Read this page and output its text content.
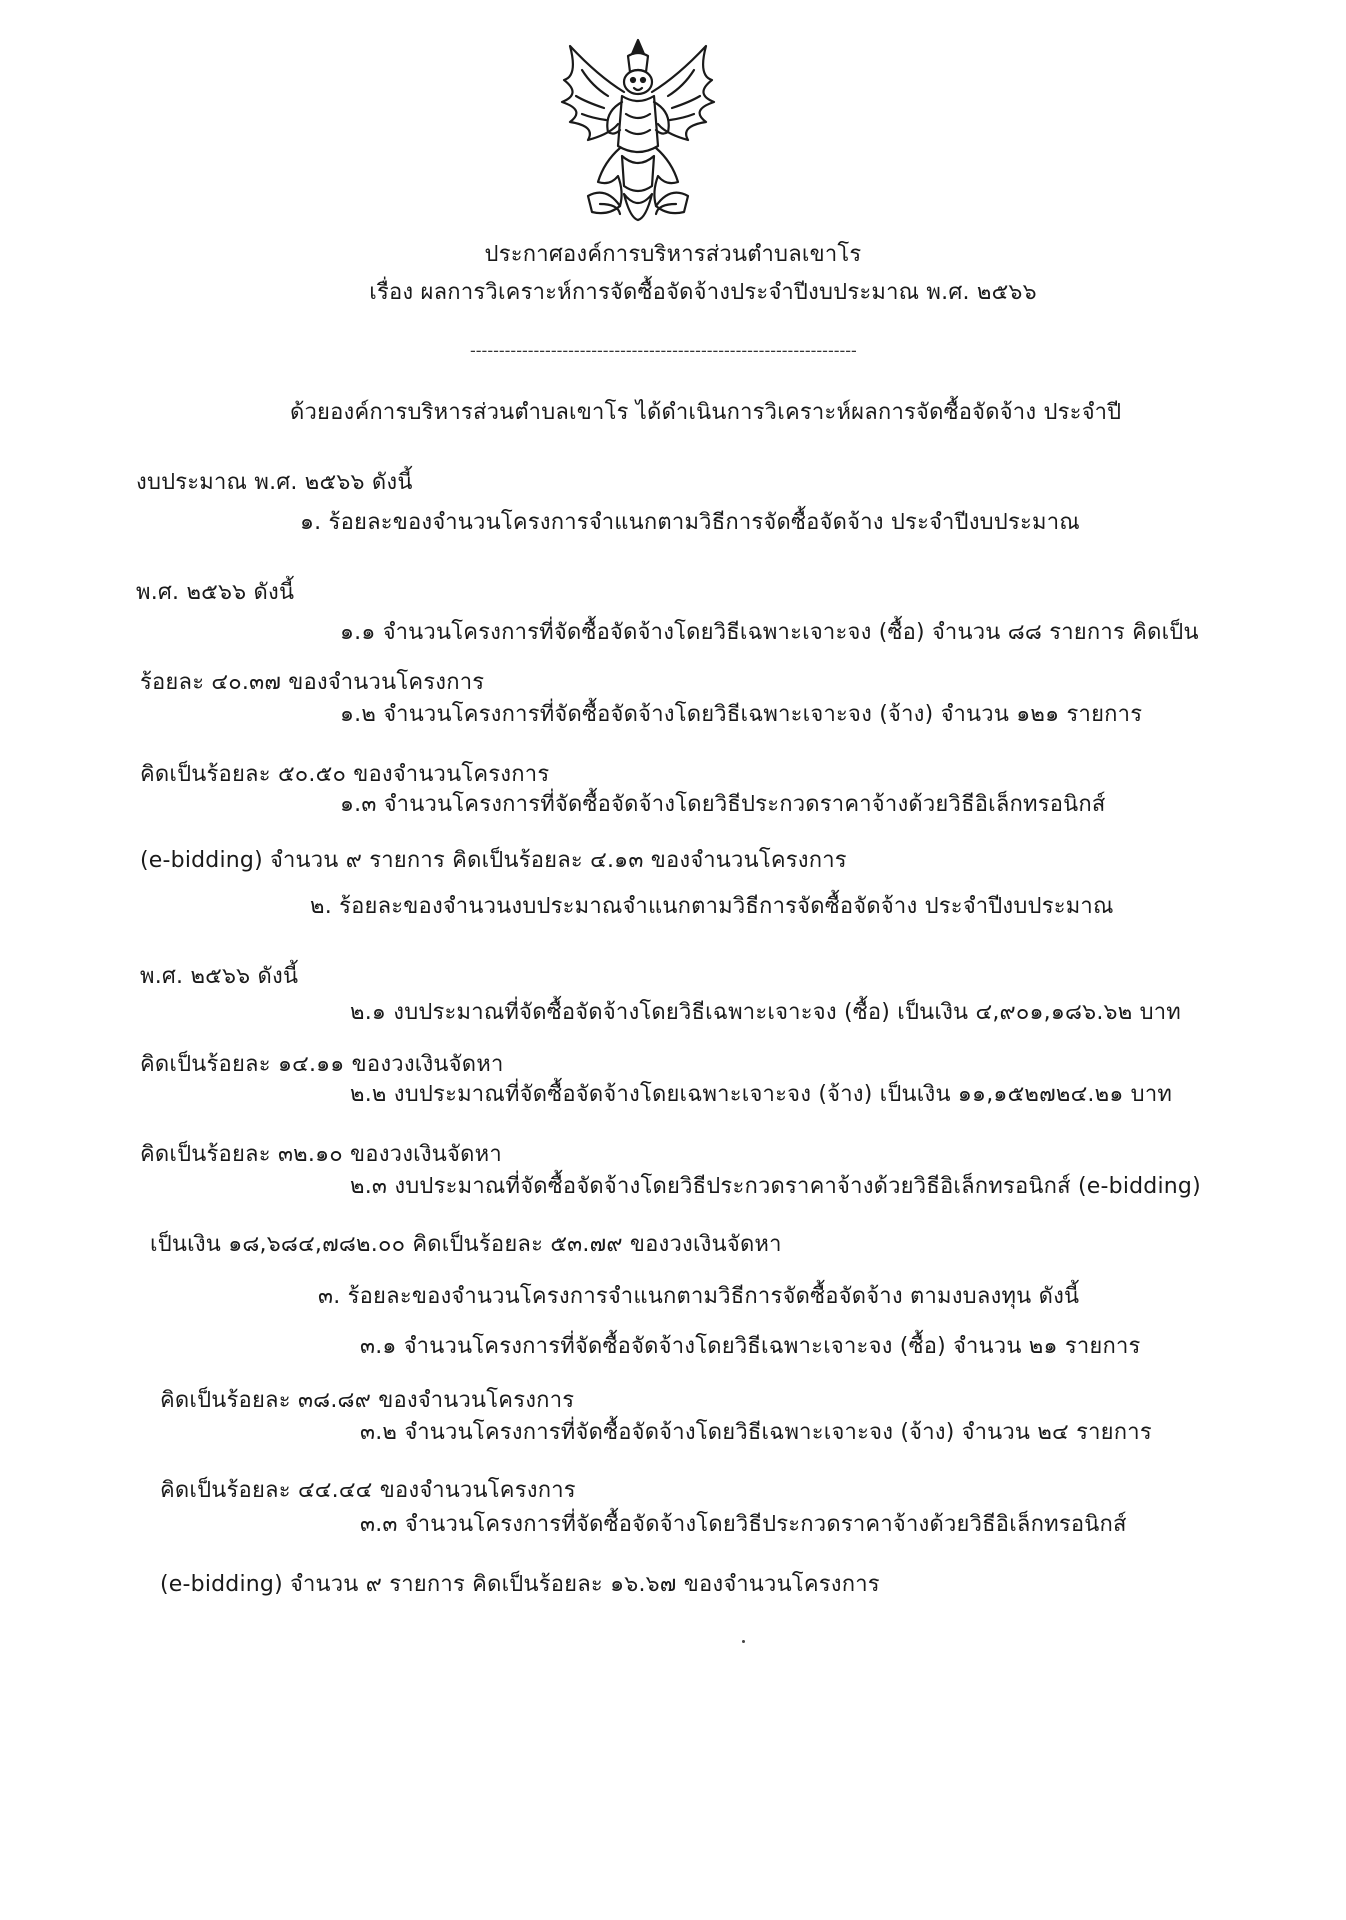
ประกาศองค์การบริหารส่วนตำบลเขาโร
เรื่อง ผลการวิเคราะห์การจัดซื้อจัดจ้างประจำปีงบประมาณ พ.ศ. ๒๕๖๖
-------------------------------------------------------------------
ด้วยองค์การบริหารส่วนตำบลเขาโร ได้ดำเนินการวิเคราะห์ผลการจัดซื้อจัดจ้าง ประจำปี
งบประมาณ พ.ศ. ๒๕๖๖ ดังนี้
๑. ร้อยละของจำนวนโครงการจำแนกตามวิธีการจัดซื้อจัดจ้าง ประจำปีงบประมาณ
พ.ศ. ๒๕๖๖ ดังนี้
๑.๑ จำนวนโครงการที่จัดซื้อจัดจ้างโดยวิธีเฉพาะเจาะจง (ซื้อ) จำนวน ๘๘ รายการ คิดเป็น
ร้อยละ ๔๐.๓๗ ของจำนวนโครงการ
๑.๒ จำนวนโครงการที่จัดซื้อจัดจ้างโดยวิธีเฉพาะเจาะจง (จ้าง) จำนวน ๑๒๑ รายการ
คิดเป็นร้อยละ ๕๐.๕๐ ของจำนวนโครงการ
๑.๓ จำนวนโครงการที่จัดซื้อจัดจ้างโดยวิธีประกวดราคาจ้างด้วยวิธีอิเล็กทรอนิกส์
(e-bidding) จำนวน ๙ รายการ คิดเป็นร้อยละ ๔.๑๓ ของจำนวนโครงการ
๒. ร้อยละของจำนวนงบประมาณจำแนกตามวิธีการจัดซื้อจัดจ้าง ประจำปีงบประมาณ
พ.ศ. ๒๕๖๖ ดังนี้
๒.๑ งบประมาณที่จัดซื้อจัดจ้างโดยวิธีเฉพาะเจาะจง (ซื้อ) เป็นเงิน ๔,๙๐๑,๑๘๖.๖๒ บาท
คิดเป็นร้อยละ ๑๔.๑๑ ของวงเงินจัดหา
๒.๒ งบประมาณที่จัดซื้อจัดจ้างโดยเฉพาะเจาะจง (จ้าง) เป็นเงิน ๑๑,๑๕๒๗๒๔.๒๑ บาท
คิดเป็นร้อยละ ๓๒.๑๐ ของวงเงินจัดหา
๒.๓ งบประมาณที่จัดซื้อจัดจ้างโดยวิธีประกวดราคาจ้างด้วยวิธีอิเล็กทรอนิกส์ (e-bidding)
เป็นเงิน ๑๘,๖๘๔,๗๘๒.๐๐ คิดเป็นร้อยละ ๕๓.๗๙ ของวงเงินจัดหา
๓. ร้อยละของจำนวนโครงการจำแนกตามวิธีการจัดซื้อจัดจ้าง ตามงบลงทุน ดังนี้
๓.๑ จำนวนโครงการที่จัดซื้อจัดจ้างโดยวิธีเฉพาะเจาะจง (ซื้อ) จำนวน ๒๑ รายการ
คิดเป็นร้อยละ ๓๘.๘๙ ของจำนวนโครงการ
๓.๒ จำนวนโครงการที่จัดซื้อจัดจ้างโดยวิธีเฉพาะเจาะจง (จ้าง) จำนวน ๒๔ รายการ
คิดเป็นร้อยละ ๔๔.๔๔ ของจำนวนโครงการ
๓.๓ จำนวนโครงการที่จัดซื้อจัดจ้างโดยวิธีประกวดราคาจ้างด้วยวิธีอิเล็กทรอนิกส์
(e-bidding) จำนวน ๙ รายการ คิดเป็นร้อยละ ๑๖.๖๗ ของจำนวนโครงการ
